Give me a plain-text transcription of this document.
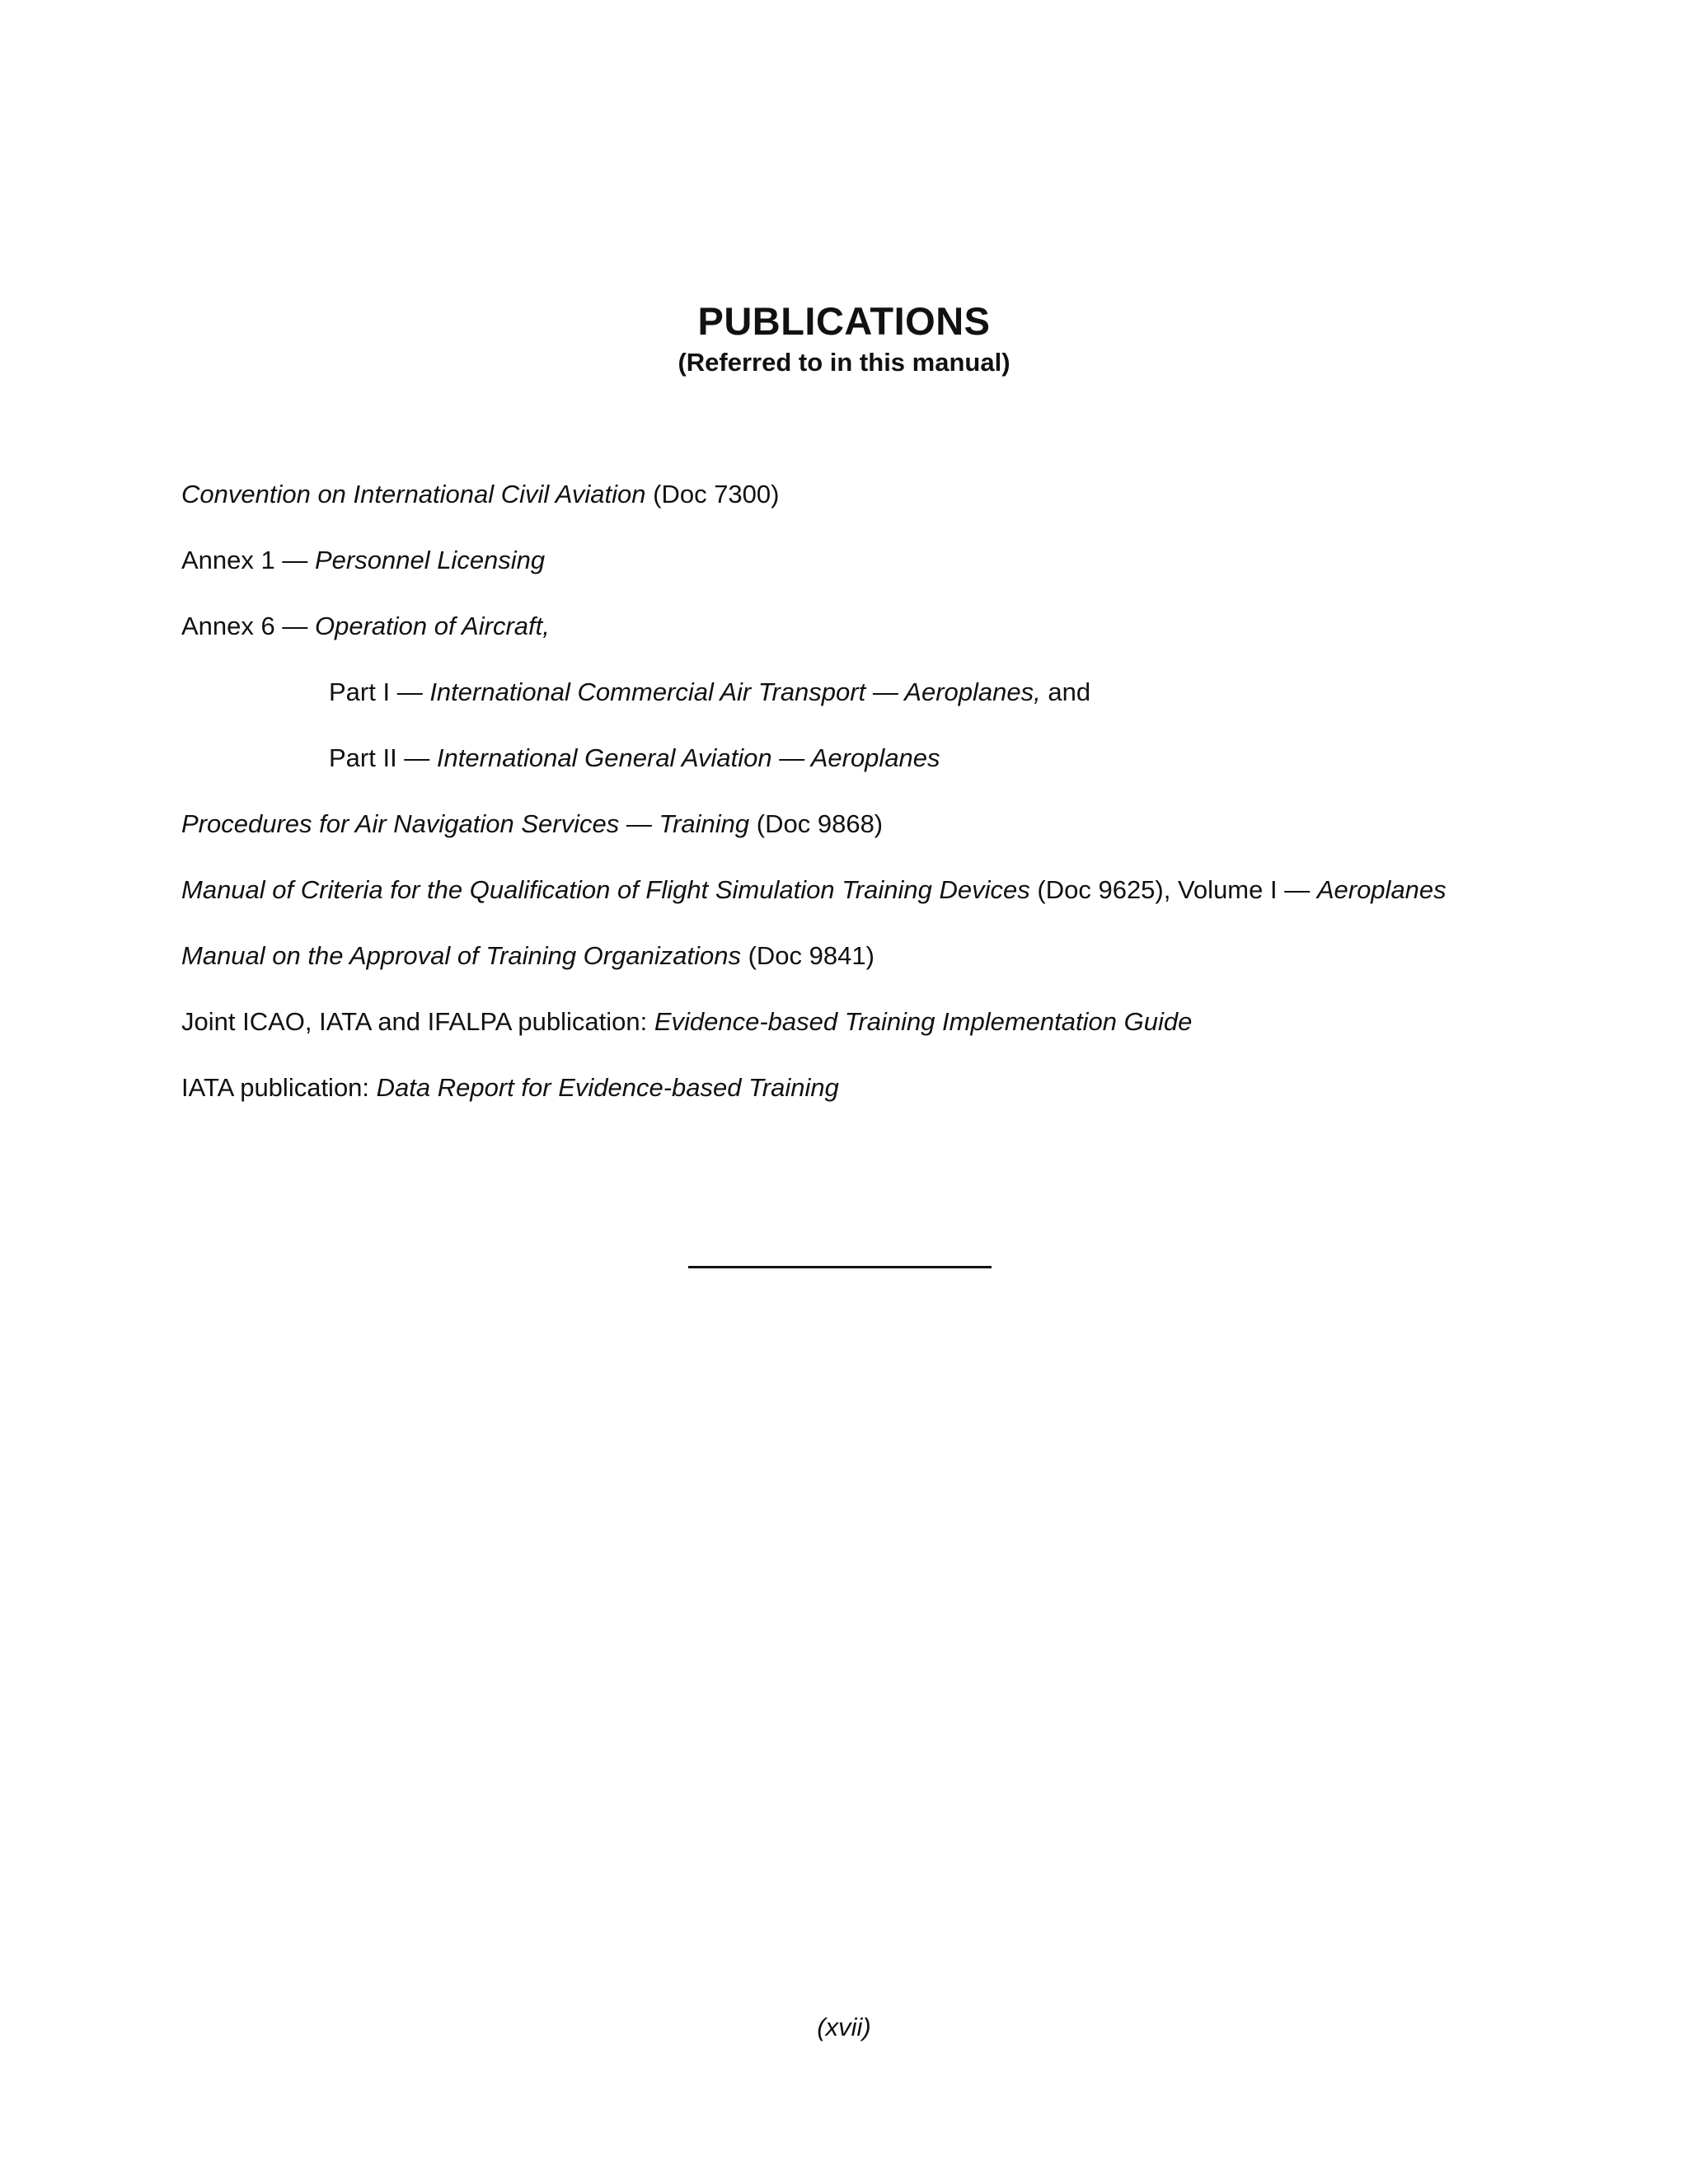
PUBLICATIONS
(Referred to in this manual)
Convention on International Civil Aviation (Doc 7300)
Annex 1 — Personnel Licensing
Annex 6 — Operation of Aircraft,
Part I — International Commercial Air Transport — Aeroplanes, and
Part II — International General Aviation — Aeroplanes
Procedures for Air Navigation Services — Training (Doc 9868)
Manual of Criteria for the Qualification of Flight Simulation Training Devices (Doc 9625), Volume I — Aeroplanes
Manual on the Approval of Training Organizations (Doc 9841)
Joint ICAO, IATA and IFALPA publication: Evidence-based Training Implementation Guide
IATA publication: Data Report for Evidence-based Training
(xvii)
